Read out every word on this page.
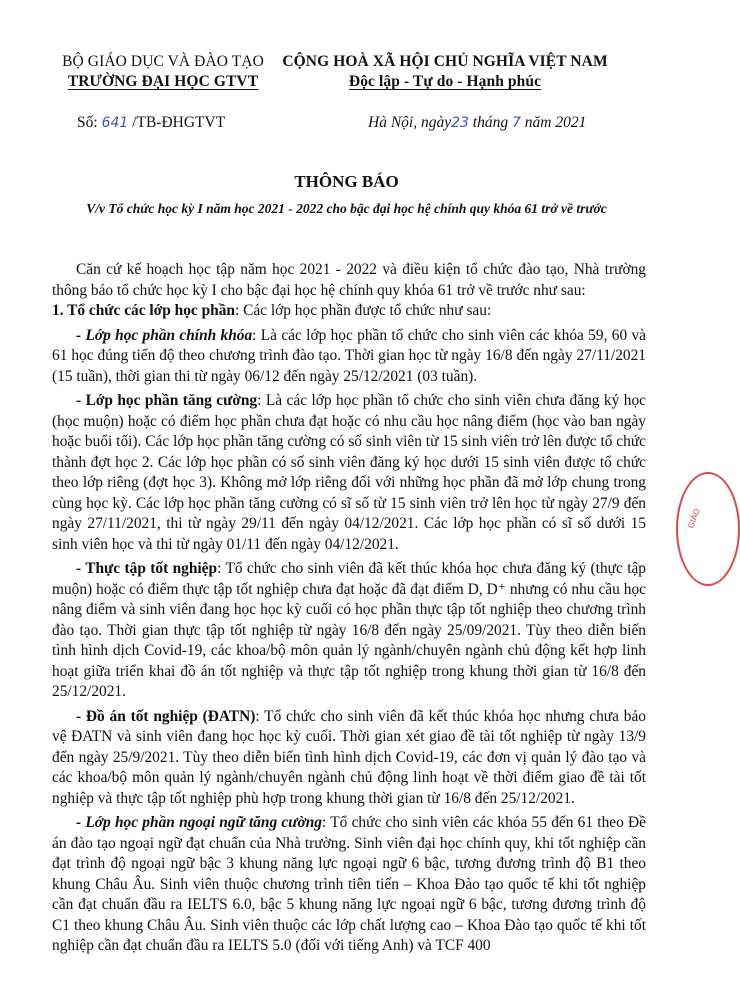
BỘ GIÁO DỤC VÀ ĐÀO TẠO
TRƯỜNG ĐẠI HỌC GTVT
CỘNG HOÀ XÃ HỘI CHỦ NGHĨA VIỆT NAM
Độc lập - Tự do - Hạnh phúc
Số: 641 /TB-ĐHGTVT	Hà Nội, ngày23 tháng 7 năm 2021
THÔNG BÁO
V/v Tổ chức học kỳ I năm học 2021 - 2022 cho bậc đại học hệ chính quy khóa 61 trở về trước

Căn cứ kế hoạch học tập năm học 2021 - 2022 và điều kiện tổ chức đào tạo, Nhà trường thông báo tổ chức học kỳ I cho bậc đại học hệ chính quy khóa 61 trở về trước như sau:

1. Tổ chức các lớp học phần: Các lớp học phần được tổ chức như sau:

- Lớp học phần chính khóa: Là các lớp học phần tổ chức cho sinh viên các khóa 59, 60 và 61 học đúng tiến độ theo chương trình đào tạo. Thời gian học từ ngày 16/8 đến ngày 27/11/2021 (15 tuần), thời gian thi từ ngày 06/12 đến ngày 25/12/2021 (03 tuần).

- Lớp học phần tăng cường: Là các lớp học phần tổ chức cho sinh viên chưa đăng ký học (học muộn) hoặc có điểm học phần chưa đạt hoặc có nhu cầu học nâng điểm (học vào ban ngày hoặc buổi tối). Các lớp học phần tăng cường có số sinh viên từ 15 sinh viên trở lên được tổ chức thành đợt học 2. Các lớp học phần có số sinh viên đăng ký học dưới 15 sinh viên được tổ chức theo lớp riêng (đợt học 3). Không mở lớp riêng đối với những học phần đã mở lớp chung trong cùng học kỳ. Các lớp học phần tăng cường có sĩ số từ 15 sinh viên trở lên học từ ngày 27/9 đến ngày 27/11/2021, thi từ ngày 29/11 đến ngày 04/12/2021. Các lớp học phần có sĩ số dưới 15 sinh viên học và thi từ ngày 01/11 đến ngày 04/12/2021.

- Thực tập tốt nghiệp: Tổ chức cho sinh viên đã kết thúc khóa học chưa đăng ký (thực tập muộn) hoặc có điểm thực tập tốt nghiệp chưa đạt hoặc đã đạt điểm D, D⁺ nhưng có nhu cầu học nâng điểm và sinh viên đang học học kỳ cuối có học phần thực tập tốt nghiệp theo chương trình đào tạo. Thời gian thực tập tốt nghiệp từ ngày 16/8 đến ngày 25/09/2021. Tùy theo diễn biến tình hình dịch Covid-19, các khoa/bộ môn quản lý ngành/chuyên ngành chủ động kết hợp linh hoạt giữa triển khai đồ án tốt nghiệp và thực tập tốt nghiệp trong khung thời gian từ 16/8 đến 25/12/2021.

- Đồ án tốt nghiệp (ĐATN): Tổ chức cho sinh viên đã kết thúc khóa học nhưng chưa bảo vệ ĐATN và sinh viên đang học học kỳ cuối. Thời gian xét giao đề tài tốt nghiệp từ ngày 13/9 đến ngày 25/9/2021. Tùy theo diễn biến tình hình dịch Covid-19, các đơn vị quản lý đào tạo và các khoa/bộ môn quản lý ngành/chuyên ngành chủ động linh hoạt về thời điểm giao đề tài tốt nghiệp và thực tập tốt nghiệp phù hợp trong khung thời gian từ 16/8 đến 25/12/2021.

- Lớp học phần ngoại ngữ tăng cường: Tổ chức cho sinh viên các khóa 55 đến 61 theo Đề án đào tạo ngoại ngữ đạt chuẩn của Nhà trường. Sinh viên đại học chính quy, khi tốt nghiệp cần đạt trình độ ngoại ngữ bậc 3 khung năng lực ngoại ngữ 6 bậc, tương đương trình độ B1 theo khung Châu Âu. Sinh viên thuộc chương trình tiên tiến – Khoa Đào tạo quốc tế khi tốt nghiệp cần đạt chuẩn đầu ra IELTS 6.0, bậc 5 khung năng lực ngoại ngữ 6 bậc, tương đương trình độ C1 theo khung Châu Âu. Sinh viên thuộc các lớp chất lượng cao – Khoa Đào tạo quốc tế khi tốt nghiệp cần đạt chuẩn đầu ra IELTS 5.0 (đối với tiếng Anh) và TCF 400

GIÁO
